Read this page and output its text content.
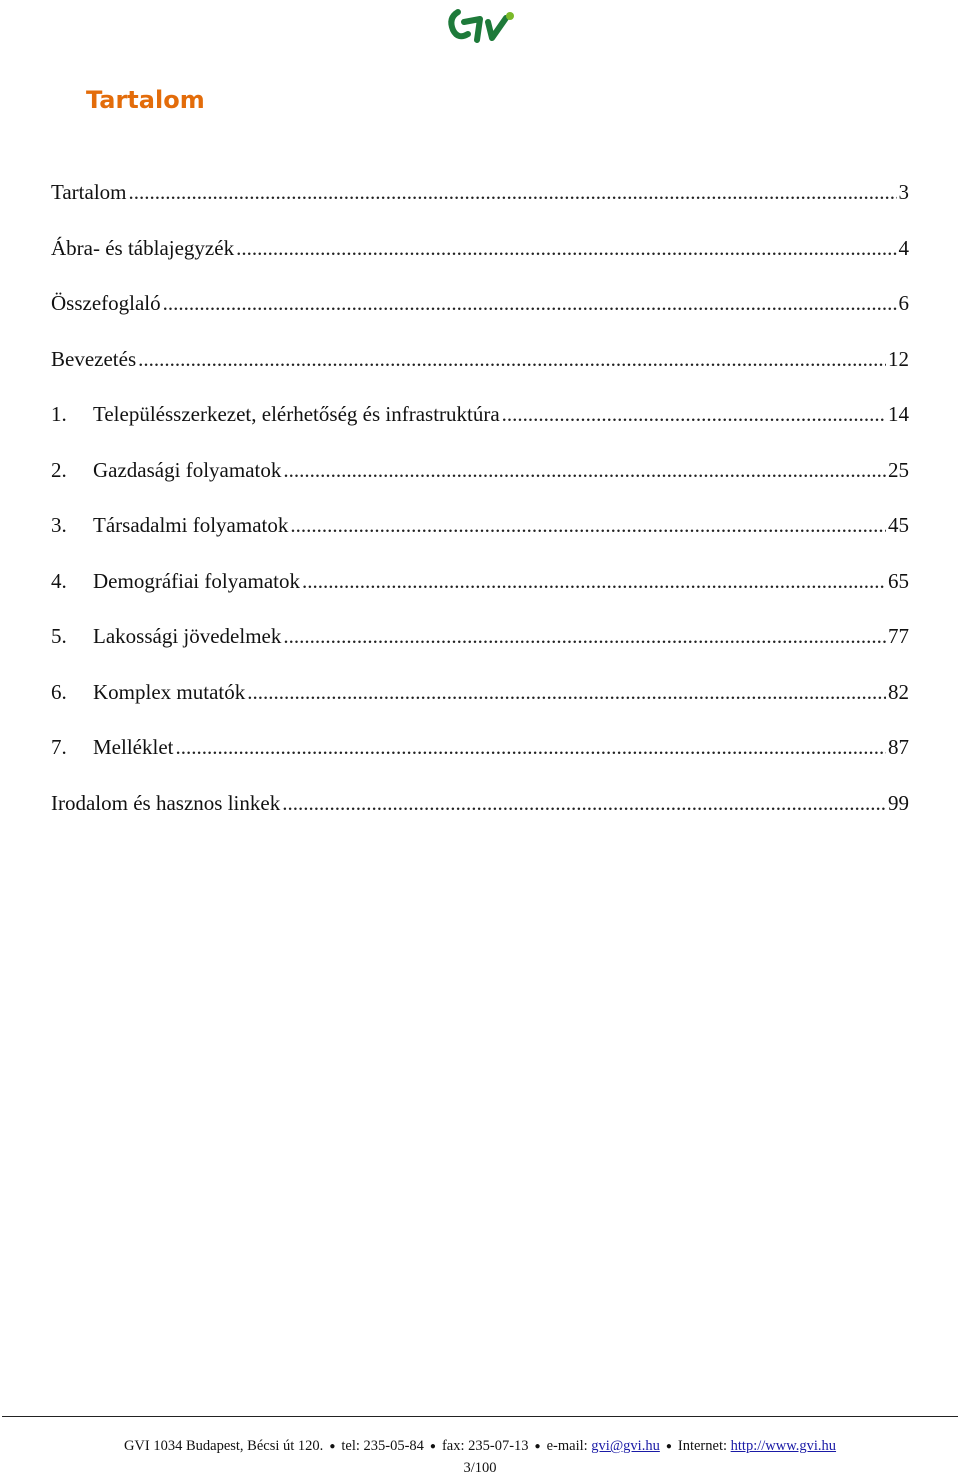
Tartalom
Tartalom .....	3
Ábra- és táblajegyzék .....	4
Összefoglaló .....	6
Bevezetés .....	12
1.	Településszerkezet, elérhetőség és infrastruktúra .....	14
2.	Gazdasági folyamatok .....	25
3.	Társadalmi folyamatok .....	45
4.	Demográfiai folyamatok .....	65
5.	Lakossági jövedelmek .....	77
6.	Komplex mutatók .....	82
7.	Melléklet .....	87
Irodalom és hasznos linkek .....	99
GVI 1034 Budapest, Bécsi út 120. ● tel: 235-05-84 ● fax: 235-07-13 ● e-mail: gvi@gvi.hu ● Internet: http://www.gvi.hu
3/100
